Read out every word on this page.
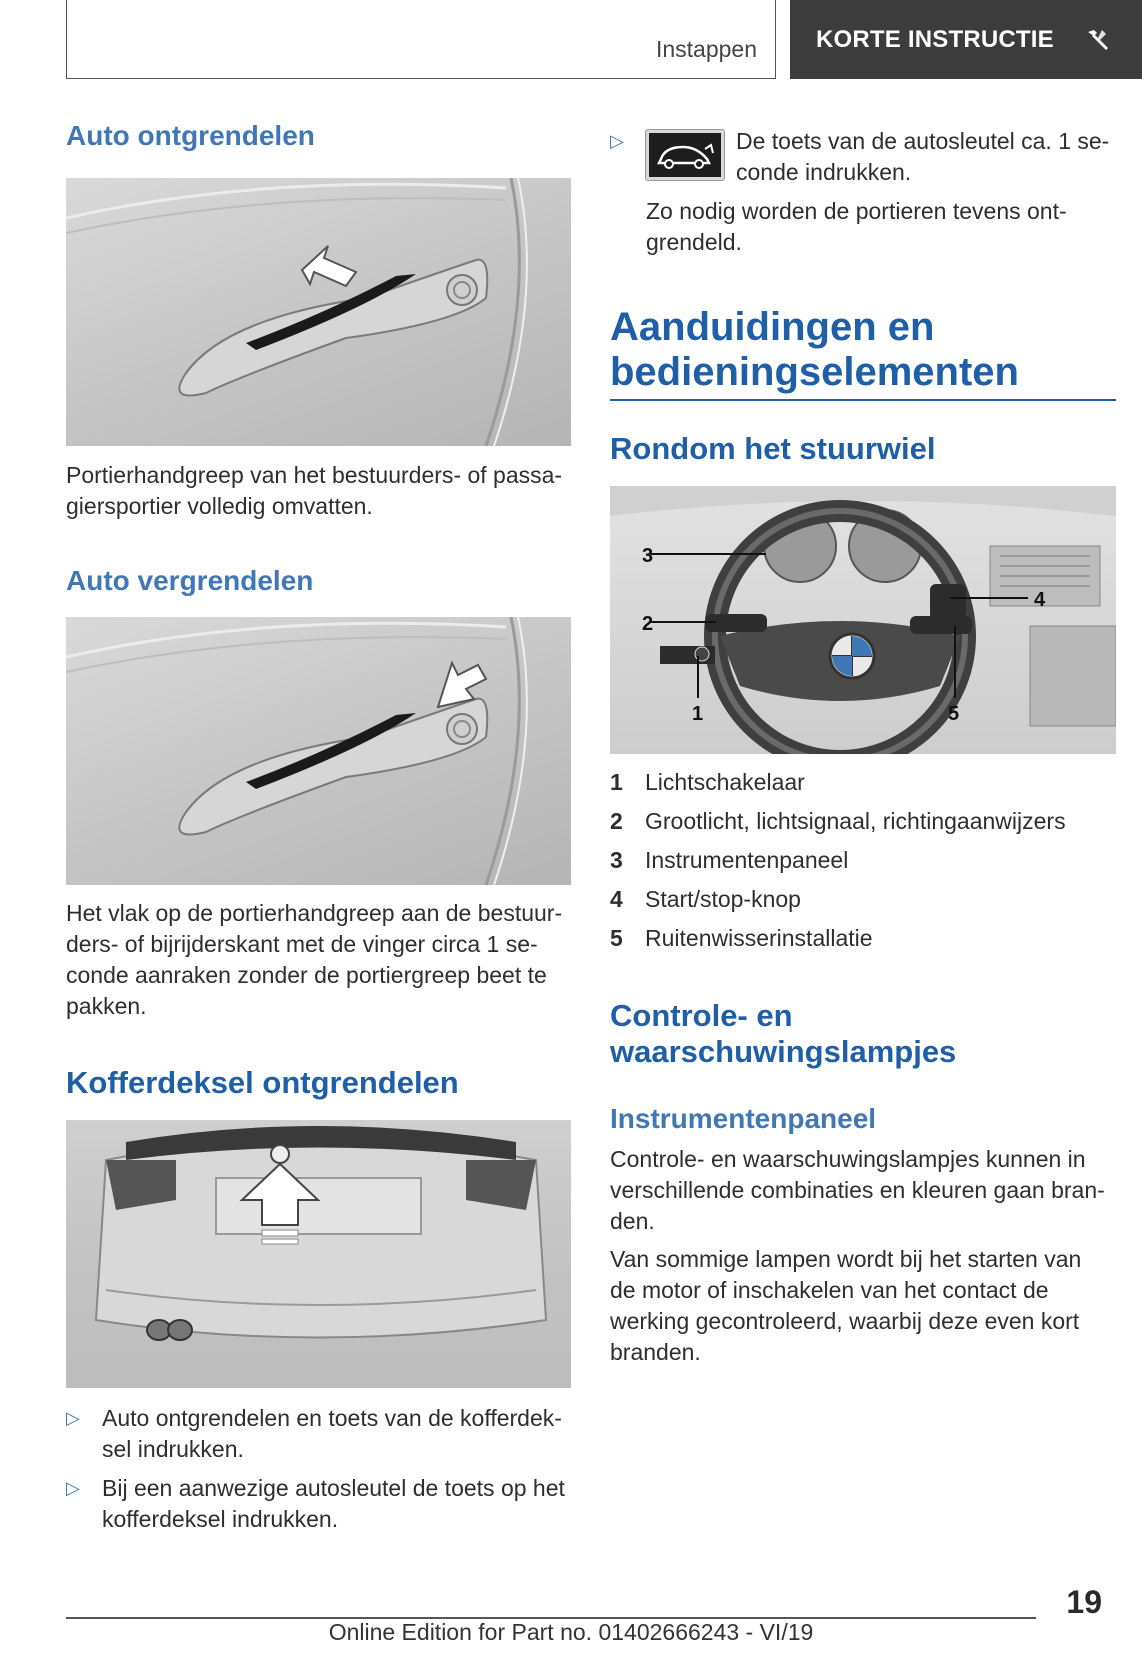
Instappen KORTE INSTRUCTIE
Auto ontgrendelen
Portierhandgreep van het bestuurders- of passa-
giersportier volledig omvatten.
Auto vergrendelen
Het vlak op de portierhandgreep aan de bestuur-
ders- of bijrijderskant met de vinger circa 1 se-
conde aanraken zonder de portiergreep beet te
pakken.
Kofferdeksel ontgrendelen
▷ Auto ontgrendelen en toets van de kofferdek-
sel indrukken.
▷ Bij een aanwezige autosleutel de toets op het
kofferdeksel indrukken.
▷	De toets van de autosleutel ca. 1 se-
conde indrukken.
Zo nodig worden de portieren tevens ont-
grendeld.
Aanduidingen en
bedieningselementen
Rondom het stuurwiel
3
2
1
4
5
1 Lichtschakelaar
2 Grootlicht, lichtsignaal, richtingaanwijzers
3 Instrumentenpaneel
4 Start/stop-knop
5 Ruitenwisserinstallatie
Controle- en
waarschuwingslampjes
Instrumentenpaneel
Controle- en waarschuwingslampjes kunnen in
verschillende combinaties en kleuren gaan bran-
den.
Van sommige lampen wordt bij het starten van
de motor of inschakelen van het contact de
werking gecontroleerd, waarbij deze even kort
branden.
19
Online Edition for Part no. 01402666243 - VI/19
